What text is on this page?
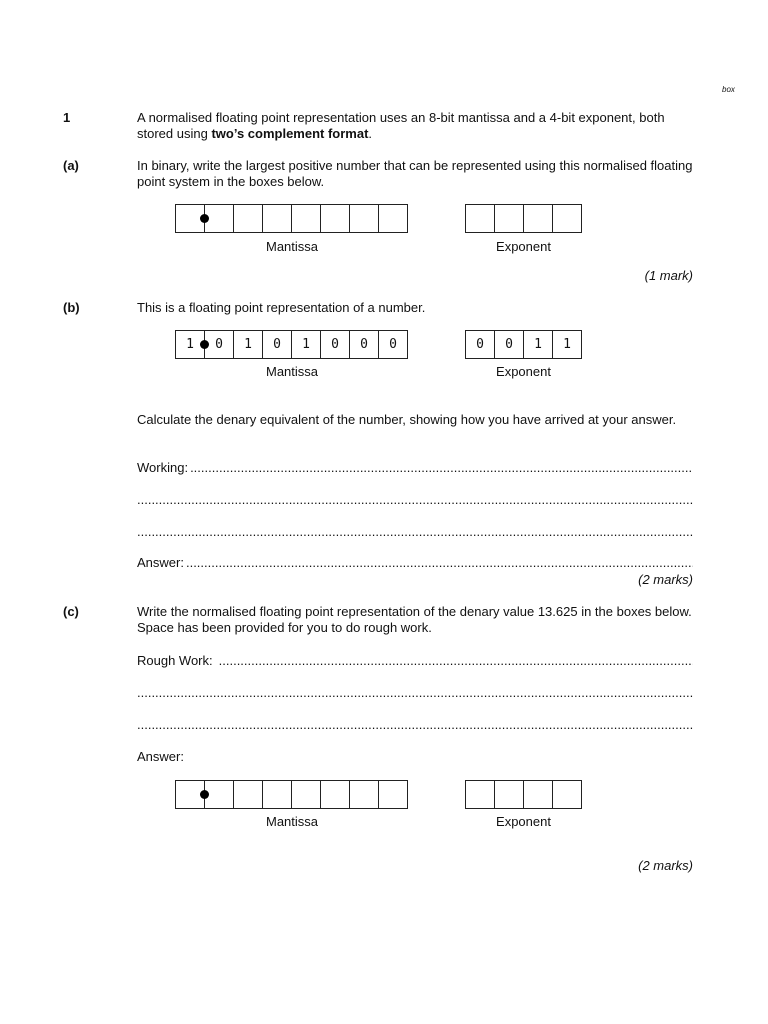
box
1	A normalised floating point representation uses an 8-bit mantissa and a 4-bit exponent, both stored using two’s complement format.
(a)	In binary, write the largest positive number that can be represented using this normalised floating point system in the boxes below.
Mantissa	Exponent
(1 mark)
(b)	This is a floating point representation of a number.
1	0	1	0	1	0	0	0	0	0	1	1
Mantissa	Exponent
Calculate the denary equivalent of the number, showing how you have arrived at your answer.
Working:
.....
.....
.....
Answer:
.....
(2 marks)
(c)	Write the normalised floating point representation of the denary value 13.625 in the boxes below. Space has been provided for you to do rough work.
Rough Work:
.....
.....
.....
Answer:
Mantissa	Exponent
(2 marks)
